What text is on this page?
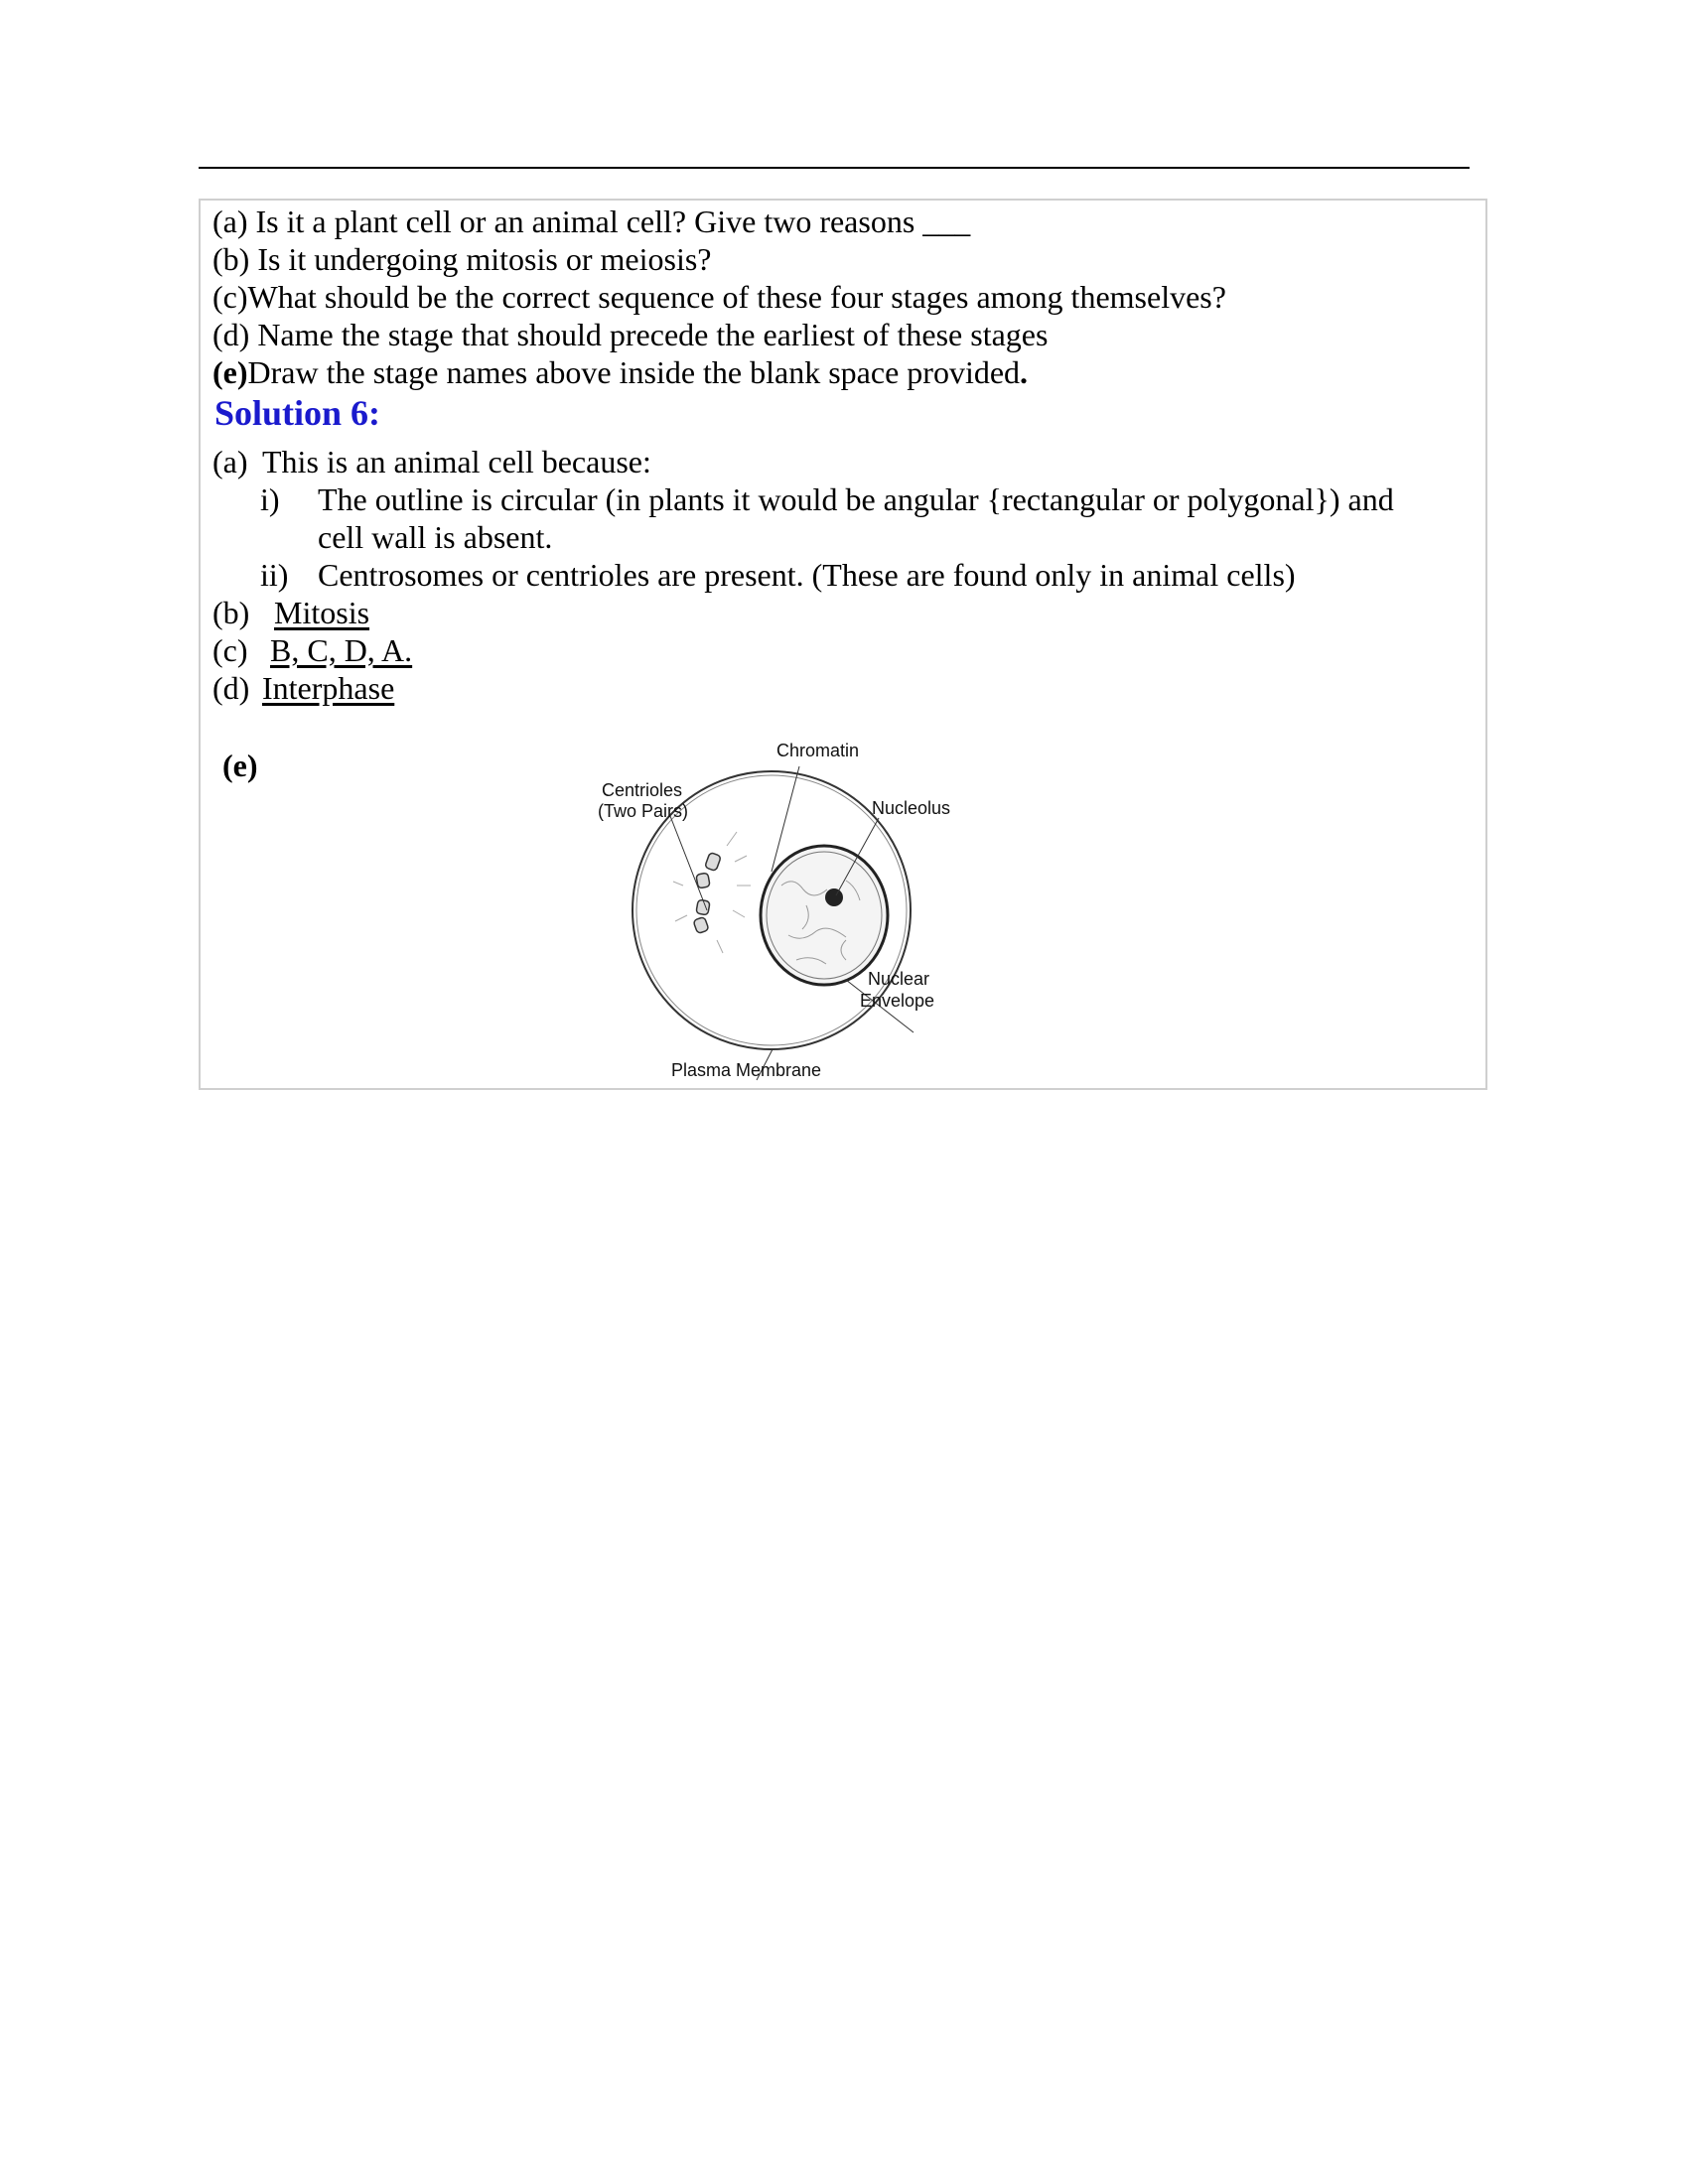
(a) Is it a plant cell or an animal cell? Give two reasons ___
(b) Is it undergoing mitosis or meiosis?
(c)What should be the correct sequence of these four stages among themselves?
(d) Name the stage that should precede the earliest of these stages
(e)Draw the stage names above inside the blank space provided.
Solution 6:
(a) This is an animal cell because:
i) The outline is circular (in plants it would be angular {rectangular or polygonal}) and
cell wall is absent.
ii) Centrosomes or centrioles are present. (These are found only in animal cells)
(b) Mitosis
(c) B, C, D, A.
(d) Interphase
(e)	Chromatin
Centrioles
(Two Pairs)	Nucleolus
Nuclear
Envelope
Plasma Membrane
